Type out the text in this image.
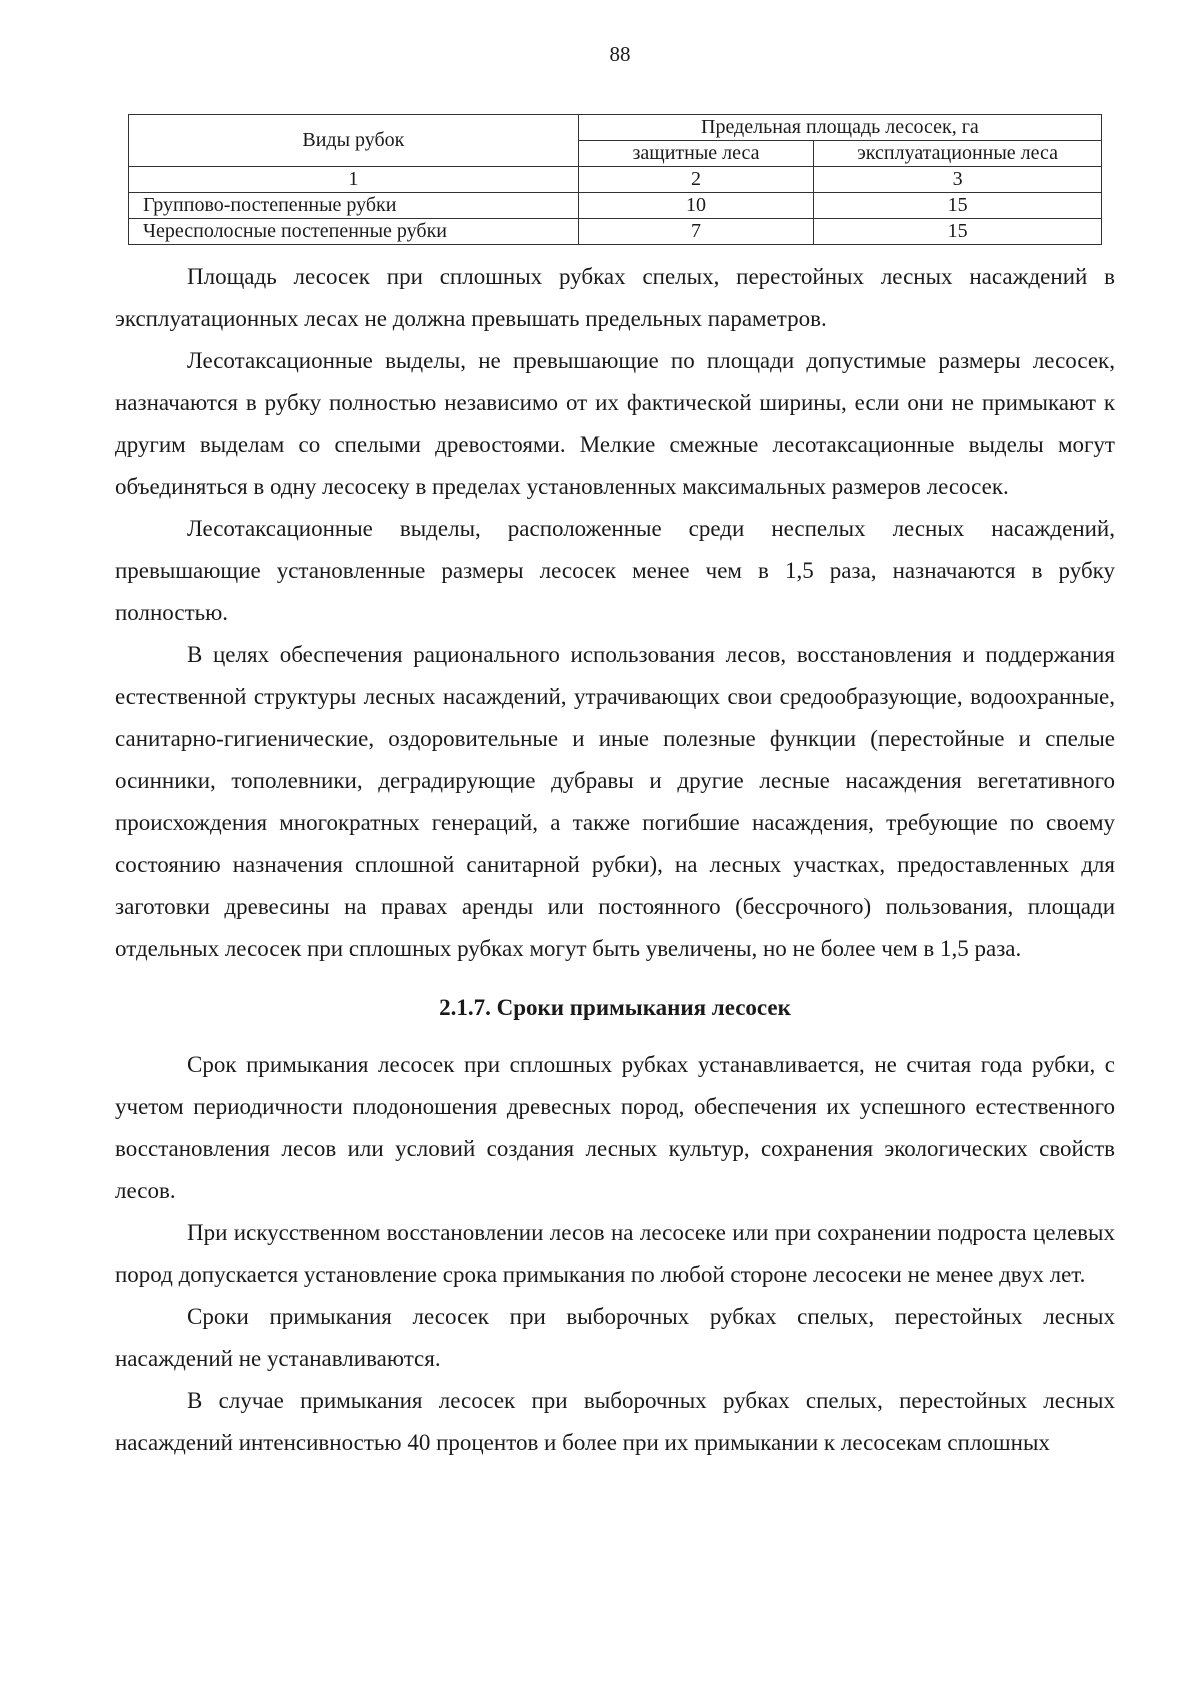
88
Виды рубок	Предельная площадь лесосек, га	
	защитные леса	эксплуатационные леса
1	2	3
Группово-постепенные рубки	10	15
Чересполосные постепенные рубки	7	15

Площадь лесосек при сплошных рубках спелых, перестойных лесных насаждений в эксплуатационных лесах не должна превышать предельных параметров.

Лесотаксационные выделы, не превышающие по площади допустимые размеры лесосек, назначаются в рубку полностью независимо от их фактической ширины, если они не примыкают к другим выделам со спелыми древостоями. Мелкие смежные лесотаксационные выделы могут объединяться в одну лесосеку в пределах установленных максимальных размеров лесосек.

Лесотаксационные выделы, расположенные среди неспелых лесных насаждений, превышающие установленные размеры лесосек менее чем в 1,5 раза, назначаются в рубку полностью.

В целях обеспечения рационального использования лесов, восстановления и поддержания естественной структуры лесных насаждений, утрачивающих свои средообразующие, водоохранные, санитарно-гигиенические, оздоровительные и иные полезные функции (перестойные и спелые осинники, тополевники, деградирующие дубравы и другие лесные насаждения вегетативного происхождения многократных генераций, а также погибшие насаждения, требующие по своему состоянию назначения сплошной санитарной рубки), на лесных участках, предоставленных для заготовки древесины на правах аренды или постоянного (бессрочного) пользования, площади отдельных лесосек при сплошных рубках могут быть увеличены, но не более чем в 1,5 раза.

2.1.7. Сроки примыкания лесосек

Срок примыкания лесосек при сплошных рубках устанавливается, не считая года рубки, с учетом периодичности плодоношения древесных пород, обеспечения их успешного естественного восстановления лесов или условий создания лесных культур, сохранения экологических свойств лесов.

При искусственном восстановлении лесов на лесосеке или при сохранении подроста целевых пород допускается установление срока примыкания по любой стороне лесосеки не менее двух лет.

Сроки примыкания лесосек при выборочных рубках спелых, перестойных лесных насаждений не устанавливаются.

В случае примыкания лесосек при выборочных рубках спелых, перестойных лесных насаждений интенсивностью 40 процентов и более при их примыкании к лесосекам сплошных
